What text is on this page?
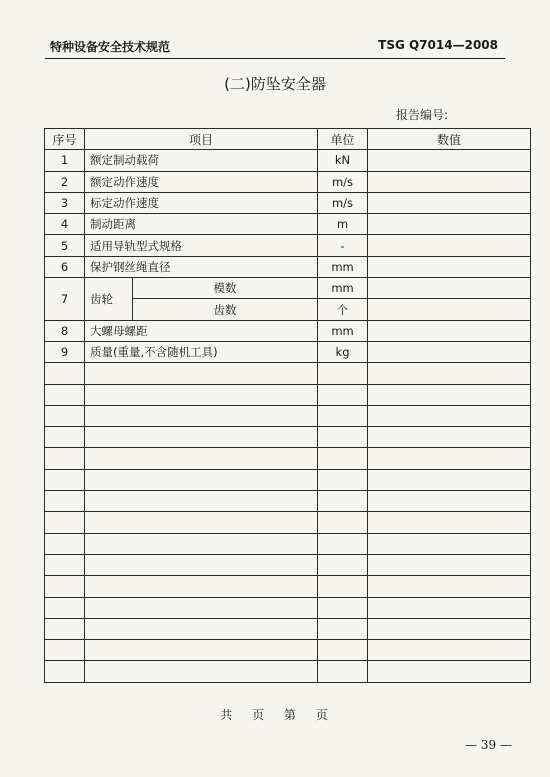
特种设备安全技术规范	TSG Q7014—2008
(二)防坠安全器
报告编号:
序号	项目		单位	数值
1	额定制动载荷		kN	
2	额定动作速度		m/s	
3	标定动作速度		m/s	
4	制动距离		m	
5	适用导轨型式规格		-	
6	保护钢丝绳直径		mm	
7	齿轮	模数	mm	
		齿数	个	
8	大螺母螺距		mm	
9	质量(重量,不含随机工具)		kg	

共 页 第 页
— 39 —
